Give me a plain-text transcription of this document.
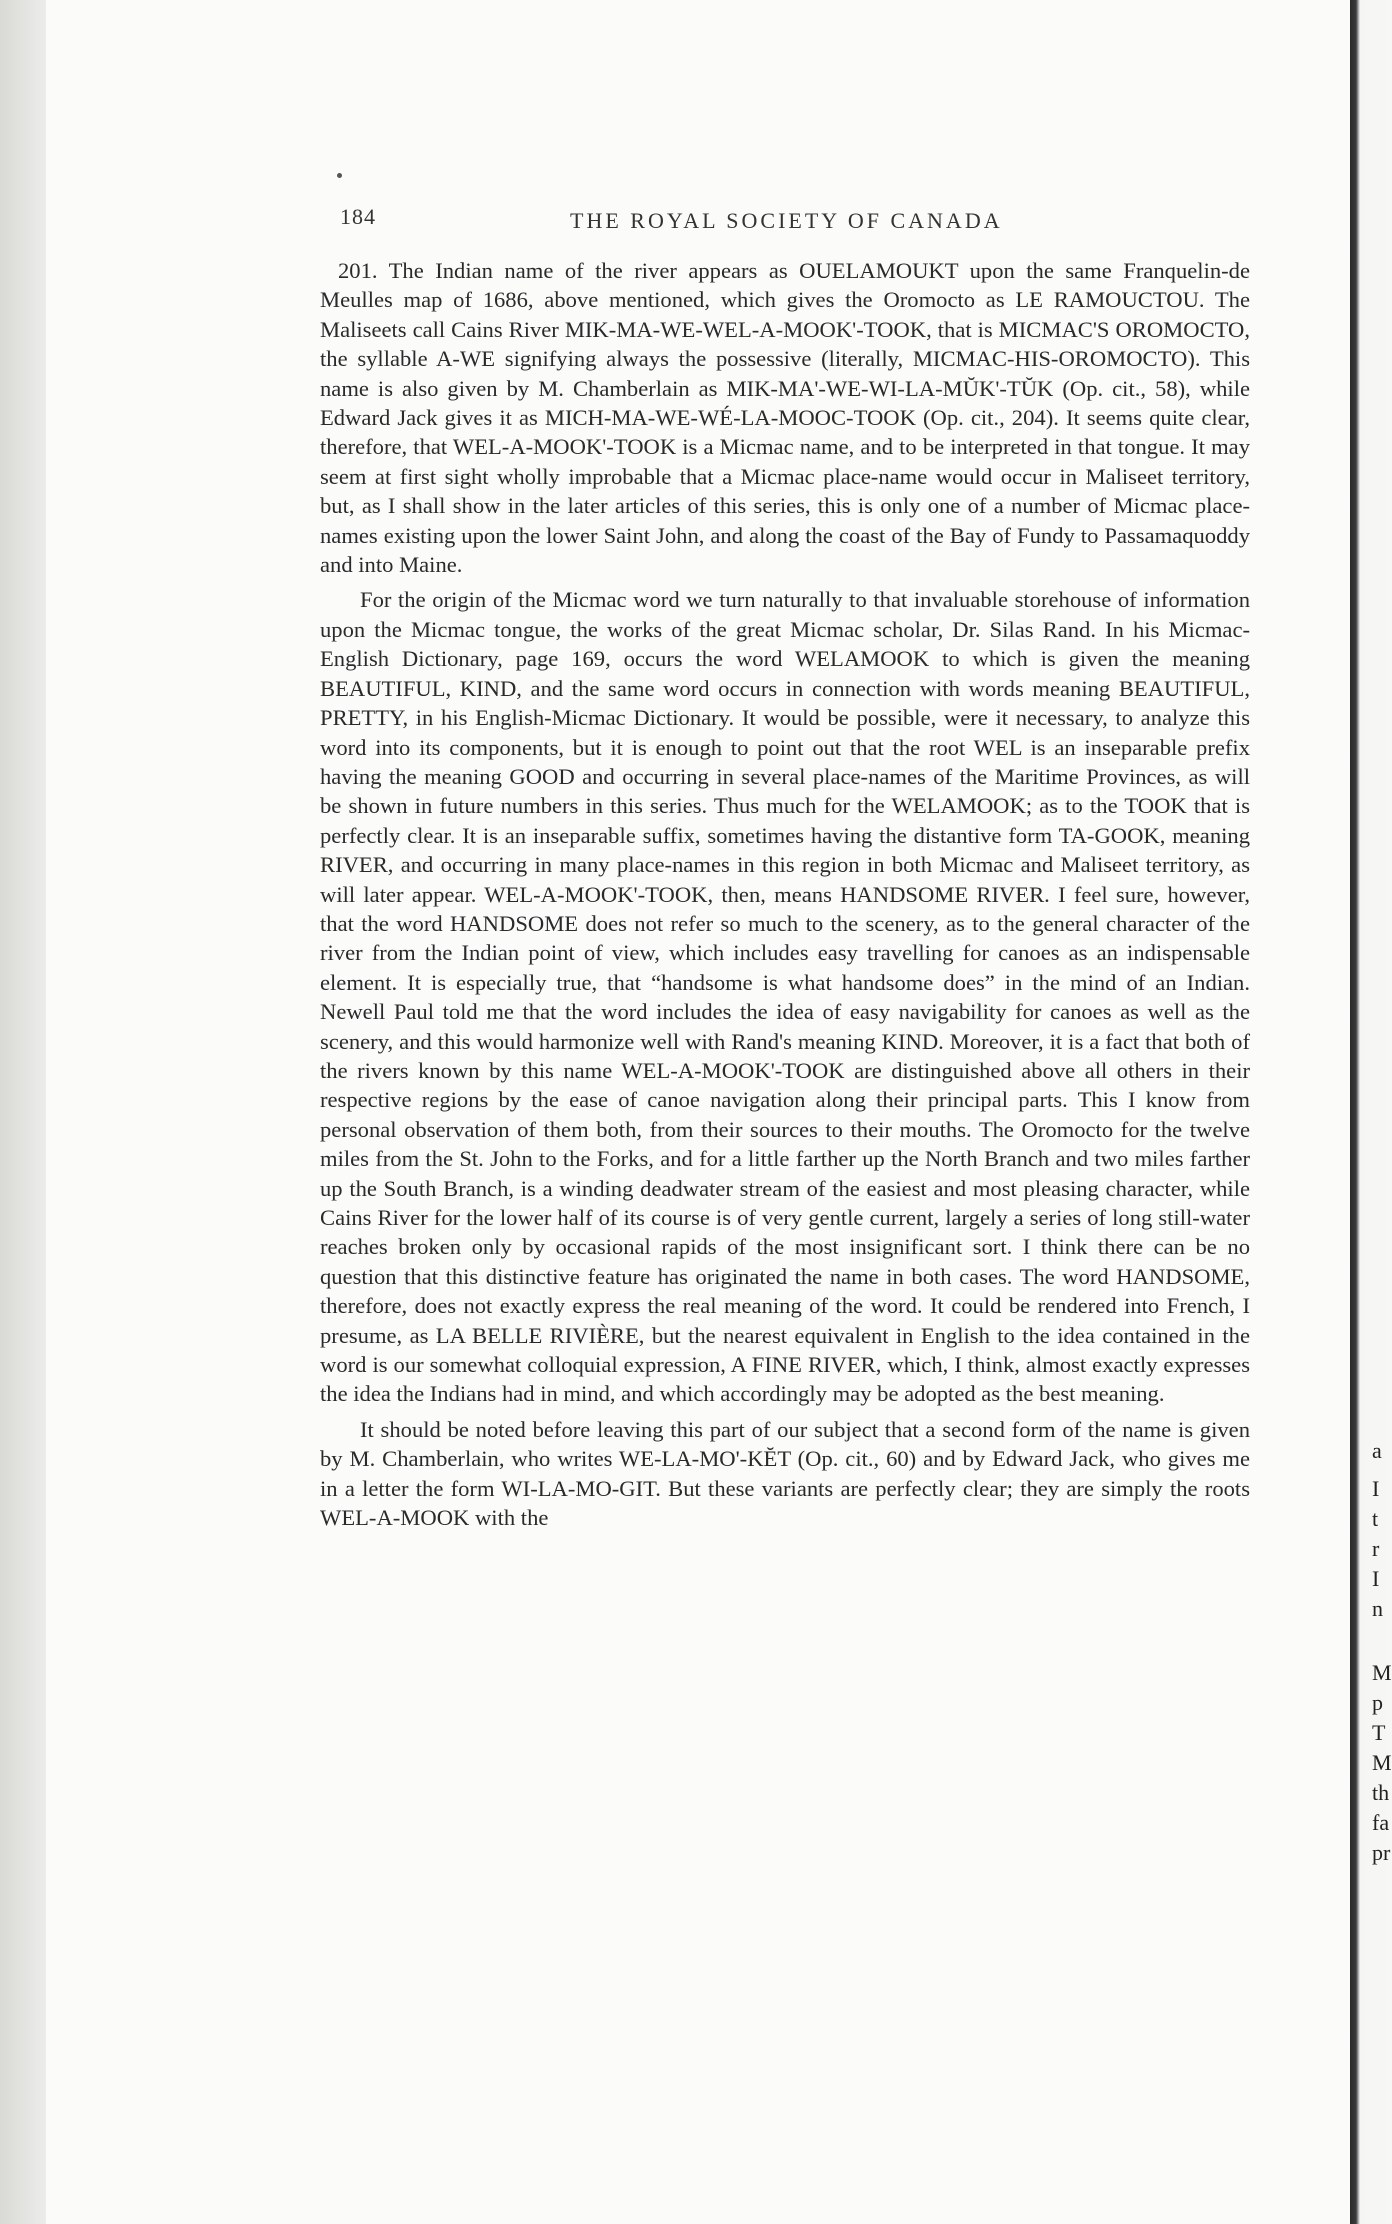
184	THE ROYAL SOCIETY OF CANADA

201. The Indian name of the river appears as OUELAMOUKT upon the same Franquelin-de Meulles map of 1686, above mentioned, which gives the Oromocto as LE RAMOUCTOU. The Maliseets call Cains River MIK-MA-WE-WEL-A-MOOK'-TOOK, that is MICMAC'S OROMOCTO, the syllable A-WE signifying always the possessive (literally, MICMAC-HIS-OROMOCTO). This name is also given by M. Chamberlain as MIK-MA'-WE-WI-LA-MŬK'-TŬK (Op. cit., 58), while Edward Jack gives it as MICH-MA-WE-WÉ-LA-MOOC-TOOK (Op. cit., 204). It seems quite clear, therefore, that WEL-A-MOOK'-TOOK is a Micmac name, and to be interpreted in that tongue. It may seem at first sight wholly improbable that a Micmac place-name would occur in Maliseet territory, but, as I shall show in the later articles of this series, this is only one of a number of Micmac place-names existing upon the lower Saint John, and along the coast of the Bay of Fundy to Passamaquoddy and into Maine.

For the origin of the Micmac word we turn naturally to that invaluable storehouse of information upon the Micmac tongue, the works of the great Micmac scholar, Dr. Silas Rand. In his Micmac-English Dictionary, page 169, occurs the word WELAMOOK to which is given the meaning BEAUTIFUL, KIND, and the same word occurs in connection with words meaning BEAUTIFUL, PRETTY, in his English-Micmac Dictionary. It would be possible, were it necessary, to analyze this word into its components, but it is enough to point out that the root WEL is an inseparable prefix having the meaning GOOD and occurring in several place-names of the Maritime Provinces, as will be shown in future numbers in this series. Thus much for the WELAMOOK; as to the TOOK that is perfectly clear. It is an inseparable suffix, sometimes having the distantive form TA-GOOK, meaning RIVER, and occurring in many place-names in this region in both Micmac and Maliseet territory, as will later appear. WEL-A-MOOK'-TOOK, then, means HANDSOME RIVER. I feel sure, however, that the word HANDSOME does not refer so much to the scenery, as to the general character of the river from the Indian point of view, which includes easy travelling for canoes as an indispensable element. It is especially true, that “handsome is what handsome does” in the mind of an Indian. Newell Paul told me that the word includes the idea of easy navigability for canoes as well as the scenery, and this would harmonize well with Rand's meaning KIND. Moreover, it is a fact that both of the rivers known by this name WEL-A-MOOK'-TOOK are distinguished above all others in their respective regions by the ease of canoe navigation along their principal parts. This I know from personal observation of them both, from their sources to their mouths. The Oromocto for the twelve miles from the St. John to the Forks, and for a little farther up the North Branch and two miles farther up the South Branch, is a winding deadwater stream of the easiest and most pleasing character, while Cains River for the lower half of its course is of very gentle current, largely a series of long still-water reaches broken only by occasional rapids of the most insignificant sort. I think there can be no question that this distinctive feature has originated the name in both cases. The word HANDSOME, therefore, does not exactly express the real meaning of the word. It could be rendered into French, I presume, as LA BELLE RIVIÈRE, but the nearest equivalent in English to the idea contained in the word is our somewhat colloquial expression, A FINE RIVER, which, I think, almost exactly expresses the idea the Indians had in mind, and which accordingly may be adopted as the best meaning.

It should be noted before leaving this part of our subject that a second form of the name is given by M. Chamberlain, who writes WE-LA-MO'-KĔT (Op. cit., 60) and by Edward Jack, who gives me in a letter the form WI-LA-MO-GIT. But these variants are perfectly clear; they are simply the roots WEL-A-MOOK with the

a
I
t
r
I
n
M
p
T
M
th
fa
pr
